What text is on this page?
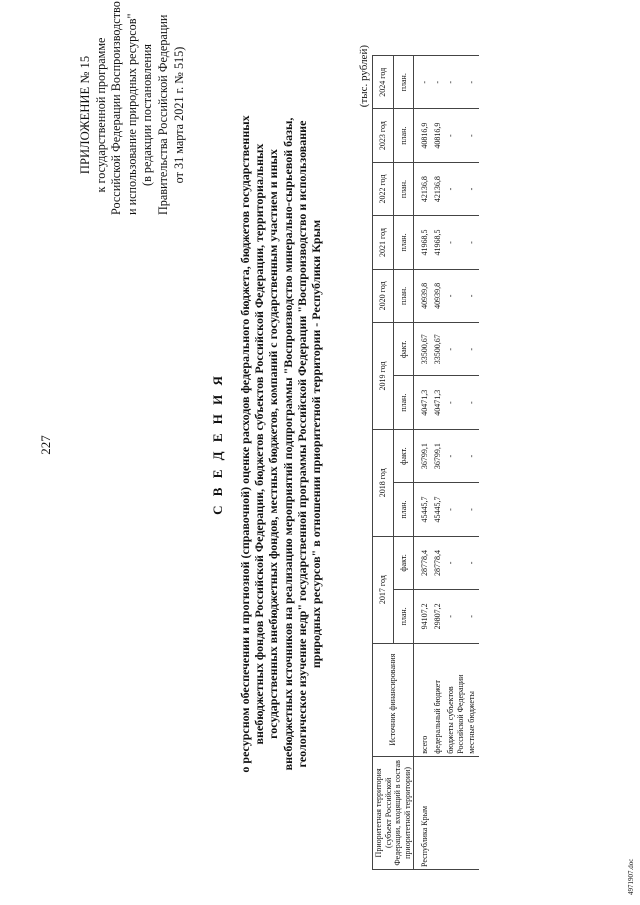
227
ПРИЛОЖЕНИЕ № 15 к государственной программе Российской Федерации Воспроизводство и использование природных ресурсов" (в редакции постановления Правительства Российской Федерации от 31 марта 2021 г. № 515)
С В Е Д Е Н И Я о ресурсном обеспечении и прогнозной (справочной) оценке расходов федерального бюджета, бюджетов государственных внебюджетных фондов Российской Федерации, бюджетов субъектов Российской Федерации, территориальных государственных внебюджетных фондов, местных бюджетов, компаний с государственным участием и иных внебюджетных источников на реализацию мероприятий подпрограммы "Воспроизводство минерально-сырьевой базы, геологическое изучение недр" государственной программы Российской Федерации "Воспроизводство и использование природных ресурсов" в отношении приоритетной территории - Республики Крым
(тыс. рублей)
Приоритетная территория (субъект Российской Федерации, входящий в состав приоритетной территории)	Источник финансирования	2017 год		2018 год		2019 год		2020 год	2021 год	2022 год	2023 год	2024 год
		план.	факт.	план.	факт.	план.	факт.	план.	план.	план.	план.	план.
Республика Крым	всего	94107,2	28778,4	45445,7	36799,1	40471,3	33500,67	40939,8	41968,5	42136,8	40816,9	-
	федеральный бюджет	29807,2	28778,4	45445,7	36799,1	40471,3	33500,67	40939,8	41968,5	42136,8	40816,9	-
	бюджеты субъектов Российской Федерации	-	-	-	-	-	-	-	-	-	-	-
	местные бюджеты	-	-	-	-	-	-	-	-	-	-	-
4971907.doc
